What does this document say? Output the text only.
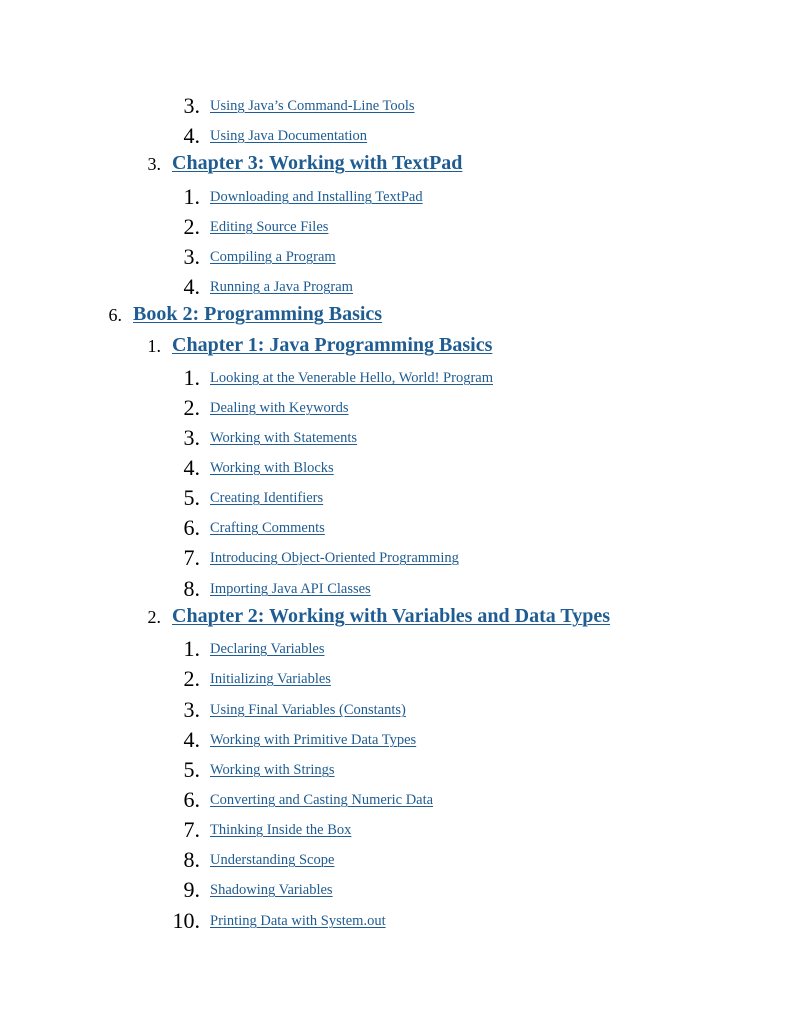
3. Using Java’s Command-Line Tools
4. Using Java Documentation
3. Chapter 3: Working with TextPad
1. Downloading and Installing TextPad
2. Editing Source Files
3. Compiling a Program
4. Running a Java Program
6. Book 2: Programming Basics
1. Chapter 1: Java Programming Basics
1. Looking at the Venerable Hello, World! Program
2. Dealing with Keywords
3. Working with Statements
4. Working with Blocks
5. Creating Identifiers
6. Crafting Comments
7. Introducing Object-Oriented Programming
8. Importing Java API Classes
2. Chapter 2: Working with Variables and Data Types
1. Declaring Variables
2. Initializing Variables
3. Using Final Variables (Constants)
4. Working with Primitive Data Types
5. Working with Strings
6. Converting and Casting Numeric Data
7. Thinking Inside the Box
8. Understanding Scope
9. Shadowing Variables
10. Printing Data with System.out
